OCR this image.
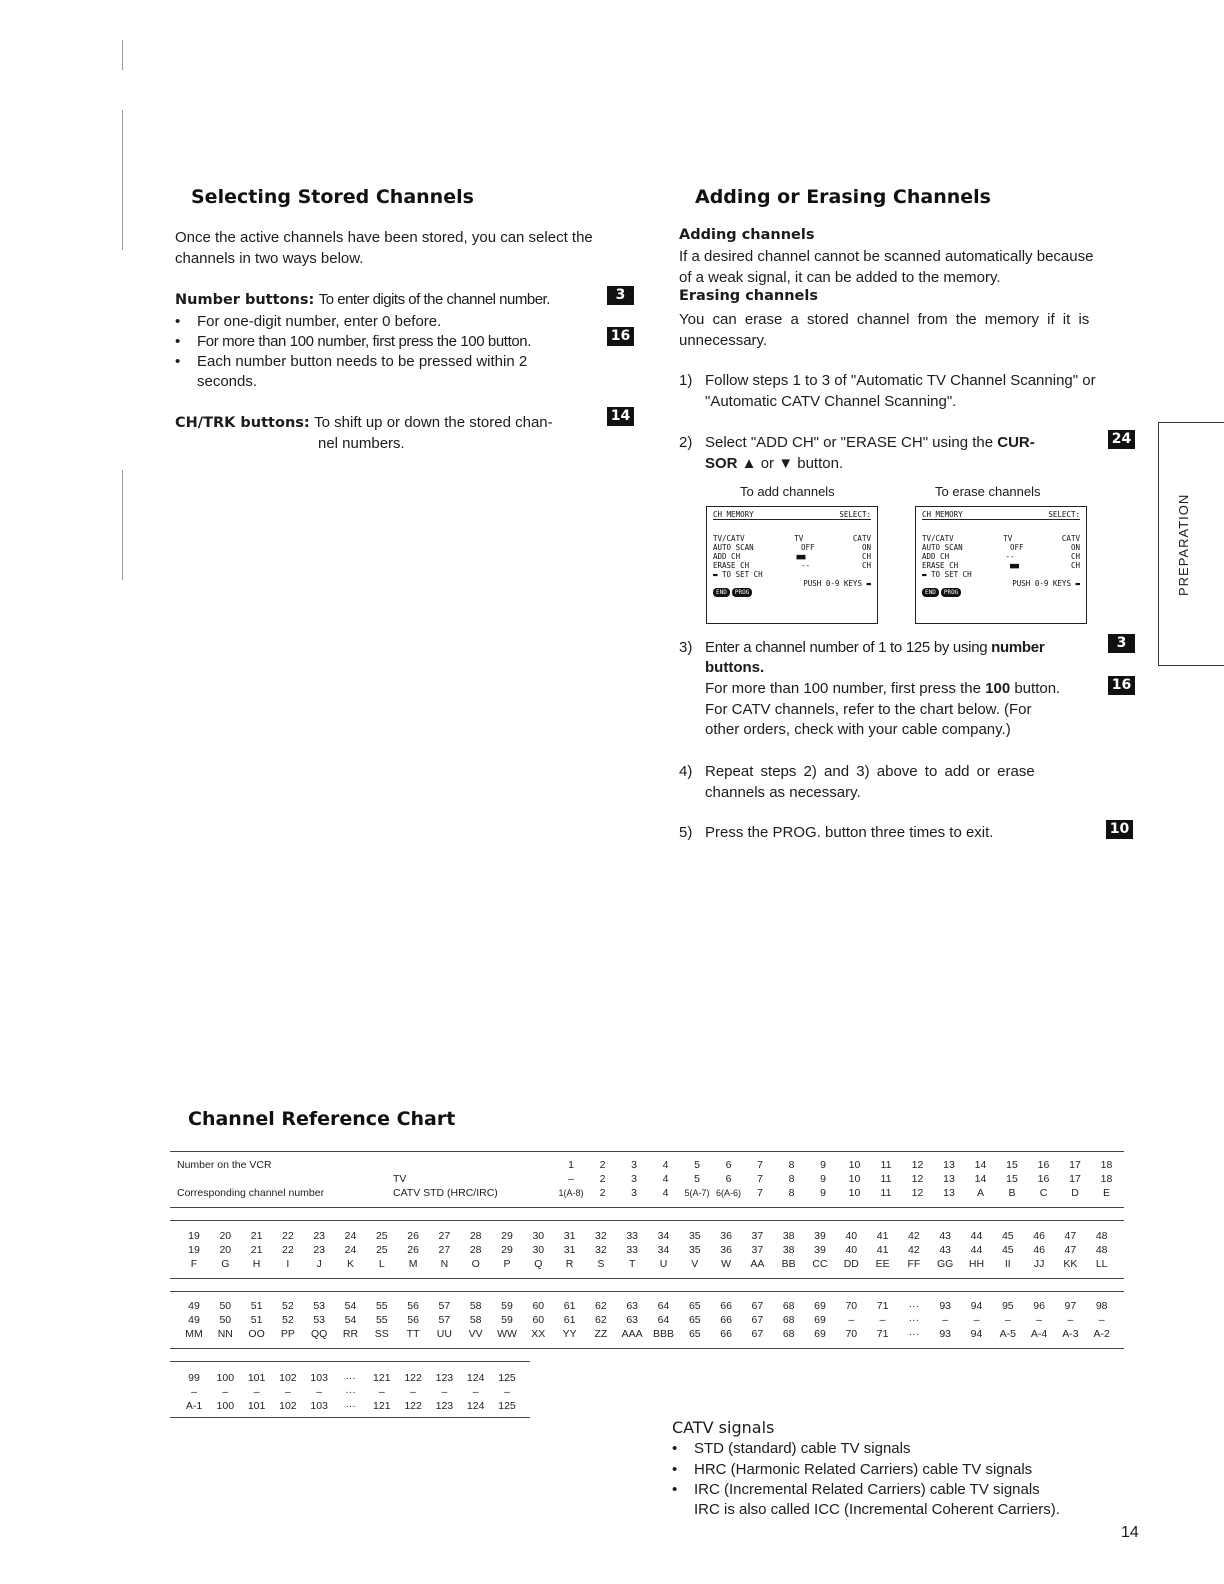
Selecting Stored Channels
Once the active channels have been stored, you can select the
channels in two ways below.
Number buttons: To enter digits of the channel number.	3
• For one-digit number, enter 0 before.
• For more than 100 number, first press the 100 button.	16
• Each number button needs to be pressed within 2
seconds.
CH/TRK buttons: To shift up or down the stored chan-
nel numbers.
14
Adding or Erasing Channels
Adding channels
If a desired channel cannot be scanned automatically because
of a weak signal, it can be added to the memory.
Erasing channels
You can erase a stored channel from the memory if it is
unnecessary.
1) Follow steps 1 to 3 of "Automatic TV Channel Scanning" or
"Automatic CATV Channel Scanning".
2) Select "ADD CH" or "ERASE CH" using the CUR-
SOR ▲ or ▼ button.
24
To add channels	To erase channels
CH MEMORY	SELECT:
TV/CATV	TV	CATV
AUTO SCAN	OFF	ON
ADD CH	■■	CH
ERASE CH	--	CH
▬ TO SET CH
PUSH 0-9 KEYS ▬
END	PROG
CH MEMORY	SELECT:
TV/CATV	TV	CATV
AUTO SCAN	OFF	ON
ADD CH	--	CH
ERASE CH	■■	CH
▬ TO SET CH
PUSH 0-9 KEYS ▬
END	PROG
3) Enter a channel number of 1 to 125 by using number
buttons.
3
For more than 100 number, first press the 100 button.	16
For CATV channels, refer to the chart below. (For
other orders, check with your cable company.)
4) Repeat steps 2) and 3) above to add or erase
channels as necessary.
5) Press the PROG. button three times to exit.	10
PREPARATION
Channel Reference Chart
Number on the VCR
TV
Corresponding channel number	CATV STD (HRC/IRC)
1	2	3	4	5	6	7	8	9	10	11	12	13	14	15	16	17	18
–	2	3	4	5	6	7	8	9	10	11	12	13	14	15	16	17	18
1(A-8)	2	3	4	5(A-7) 6(A-6)	7	8	9	10	11	12	13	A	B	C	D	E
19	20	21	22	23	24	25	26	27	28	29	30	31	32	33	34	35	36	37	38	39	40	41	42	43	44	45	46	47	48
19	20	21	22	23	24	25	26	27	28	29	30	31	32	33	34	35	36	37	38	39	40	41	42	43	44	45	46	47	48
F	G	H	I	J	K	L	M	N	O	P	Q	R	S	T	U	V	W	AA	BB	CC	DD	EE	FF	GG	HH	II	JJ	KK	LL
49	50	51	52	53	54	55	56	57	58	59	60	61	62	63	64	65	66	67	68	69	70	71	···	93	94	95	96	97	98
49	50	51	52	53	54	55	56	57	58	59	60	61	62	63	64	65	66	67	68	69	–	–	···	–	–	–	–	–	–
MM	NN	OO	PP	QQ	RR	SS	TT	UU	VV	WW	XX	YY	ZZ	AAA BBB	65	66	67	68	69	70	71	···	93	94	A-5	A-4	A-3	A-2
99	100	101	102	103	···	121	122	123	124	125
–	–	–	–	–	···	–	–	–	–	–
A-1	100	101	102	103	···	121	122	123	124	125
CATV signals
• STD (standard) cable TV signals
• HRC (Harmonic Related Carriers) cable TV signals
• IRC (Incremental Related Carriers) cable TV signals
IRC is also called ICC (Incremental Coherent Carriers).
14
